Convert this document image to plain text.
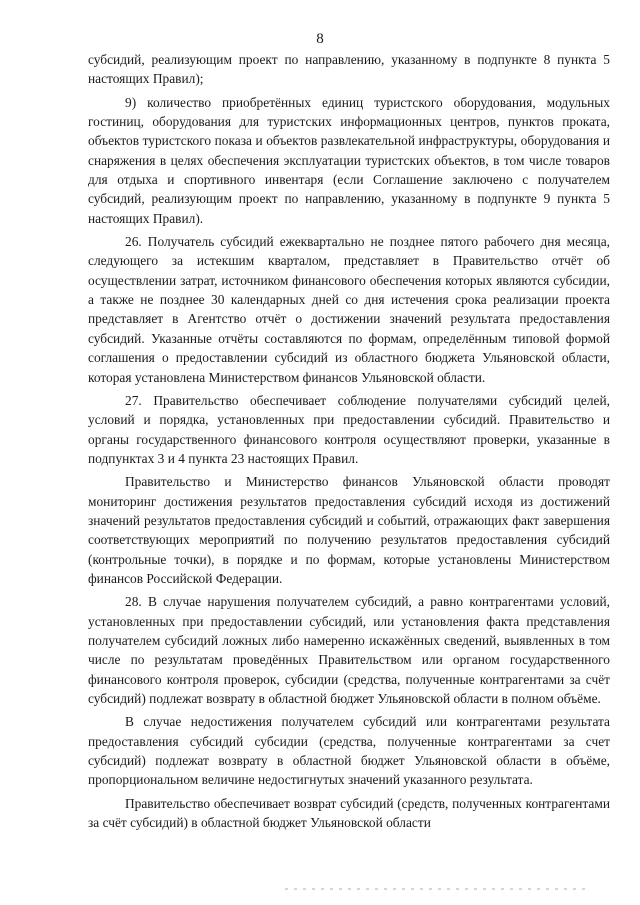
8

субсидий, реализующим проект по направлению, указанному в подпункте 8 пункта 5 настоящих Правил);

9) количество приобретённых единиц туристского оборудования, модульных гостиниц, оборудования для туристских информационных центров, пунктов проката, объектов туристского показа и объектов развлекательной инфраструктуры, оборудования и снаряжения в целях обеспечения эксплуатации туристских объектов, в том числе товаров для отдыха и спортивного инвентаря (если Соглашение заключено с получателем субсидий, реализующим проект по направлению, указанному в подпункте 9 пункта 5 настоящих Правил).

26. Получатель субсидий ежеквартально не позднее пятого рабочего дня месяца, следующего за истекшим кварталом, представляет в Правительство отчёт об осуществлении затрат, источником финансового обеспечения которых являются субсидии, а также не позднее 30 календарных дней со дня истечения срока реализации проекта представляет в Агентство отчёт о достижении значений результата предоставления субсидий. Указанные отчёты составляются по формам, определённым типовой формой соглашения о предоставлении субсидий из областного бюджета Ульяновской области, которая установлена Министерством финансов Ульяновской области.

27. Правительство обеспечивает соблюдение получателями субсидий целей, условий и порядка, установленных при предоставлении субсидий. Правительство и органы государственного финансового контроля осуществляют проверки, указанные в подпунктах 3 и 4 пункта 23 настоящих Правил.

Правительство и Министерство финансов Ульяновской области проводят мониторинг достижения результатов предоставления субсидий исходя из достижений значений результатов предоставления субсидий и событий, отражающих факт завершения соответствующих мероприятий по получению результатов предоставления субсидий (контрольные точки), в порядке и по формам, которые установлены Министерством финансов Российской Федерации.

28. В случае нарушения получателем субсидий, а равно контрагентами условий, установленных при предоставлении субсидий, или установления факта представления получателем субсидий ложных либо намеренно искажённых сведений, выявленных в том числе по результатам проведённых Правительством или органом государственного финансового контроля проверок, субсидии (средства, полученные контрагентами за счёт субсидий) подлежат возврату в областной бюджет Ульяновской области в полном объёме.

В случае недостижения получателем субсидий или контрагентами результата предоставления субсидий субсидии (средства, полученные контрагентами за счет субсидий) подлежат возврату в областной бюджет Ульяновской области в объёме, пропорциональном величине недостигнутых значений указанного результата.

Правительство обеспечивает возврат субсидий (средств, полученных контрагентами за счёт субсидий) в областной бюджет Ульяновской области
